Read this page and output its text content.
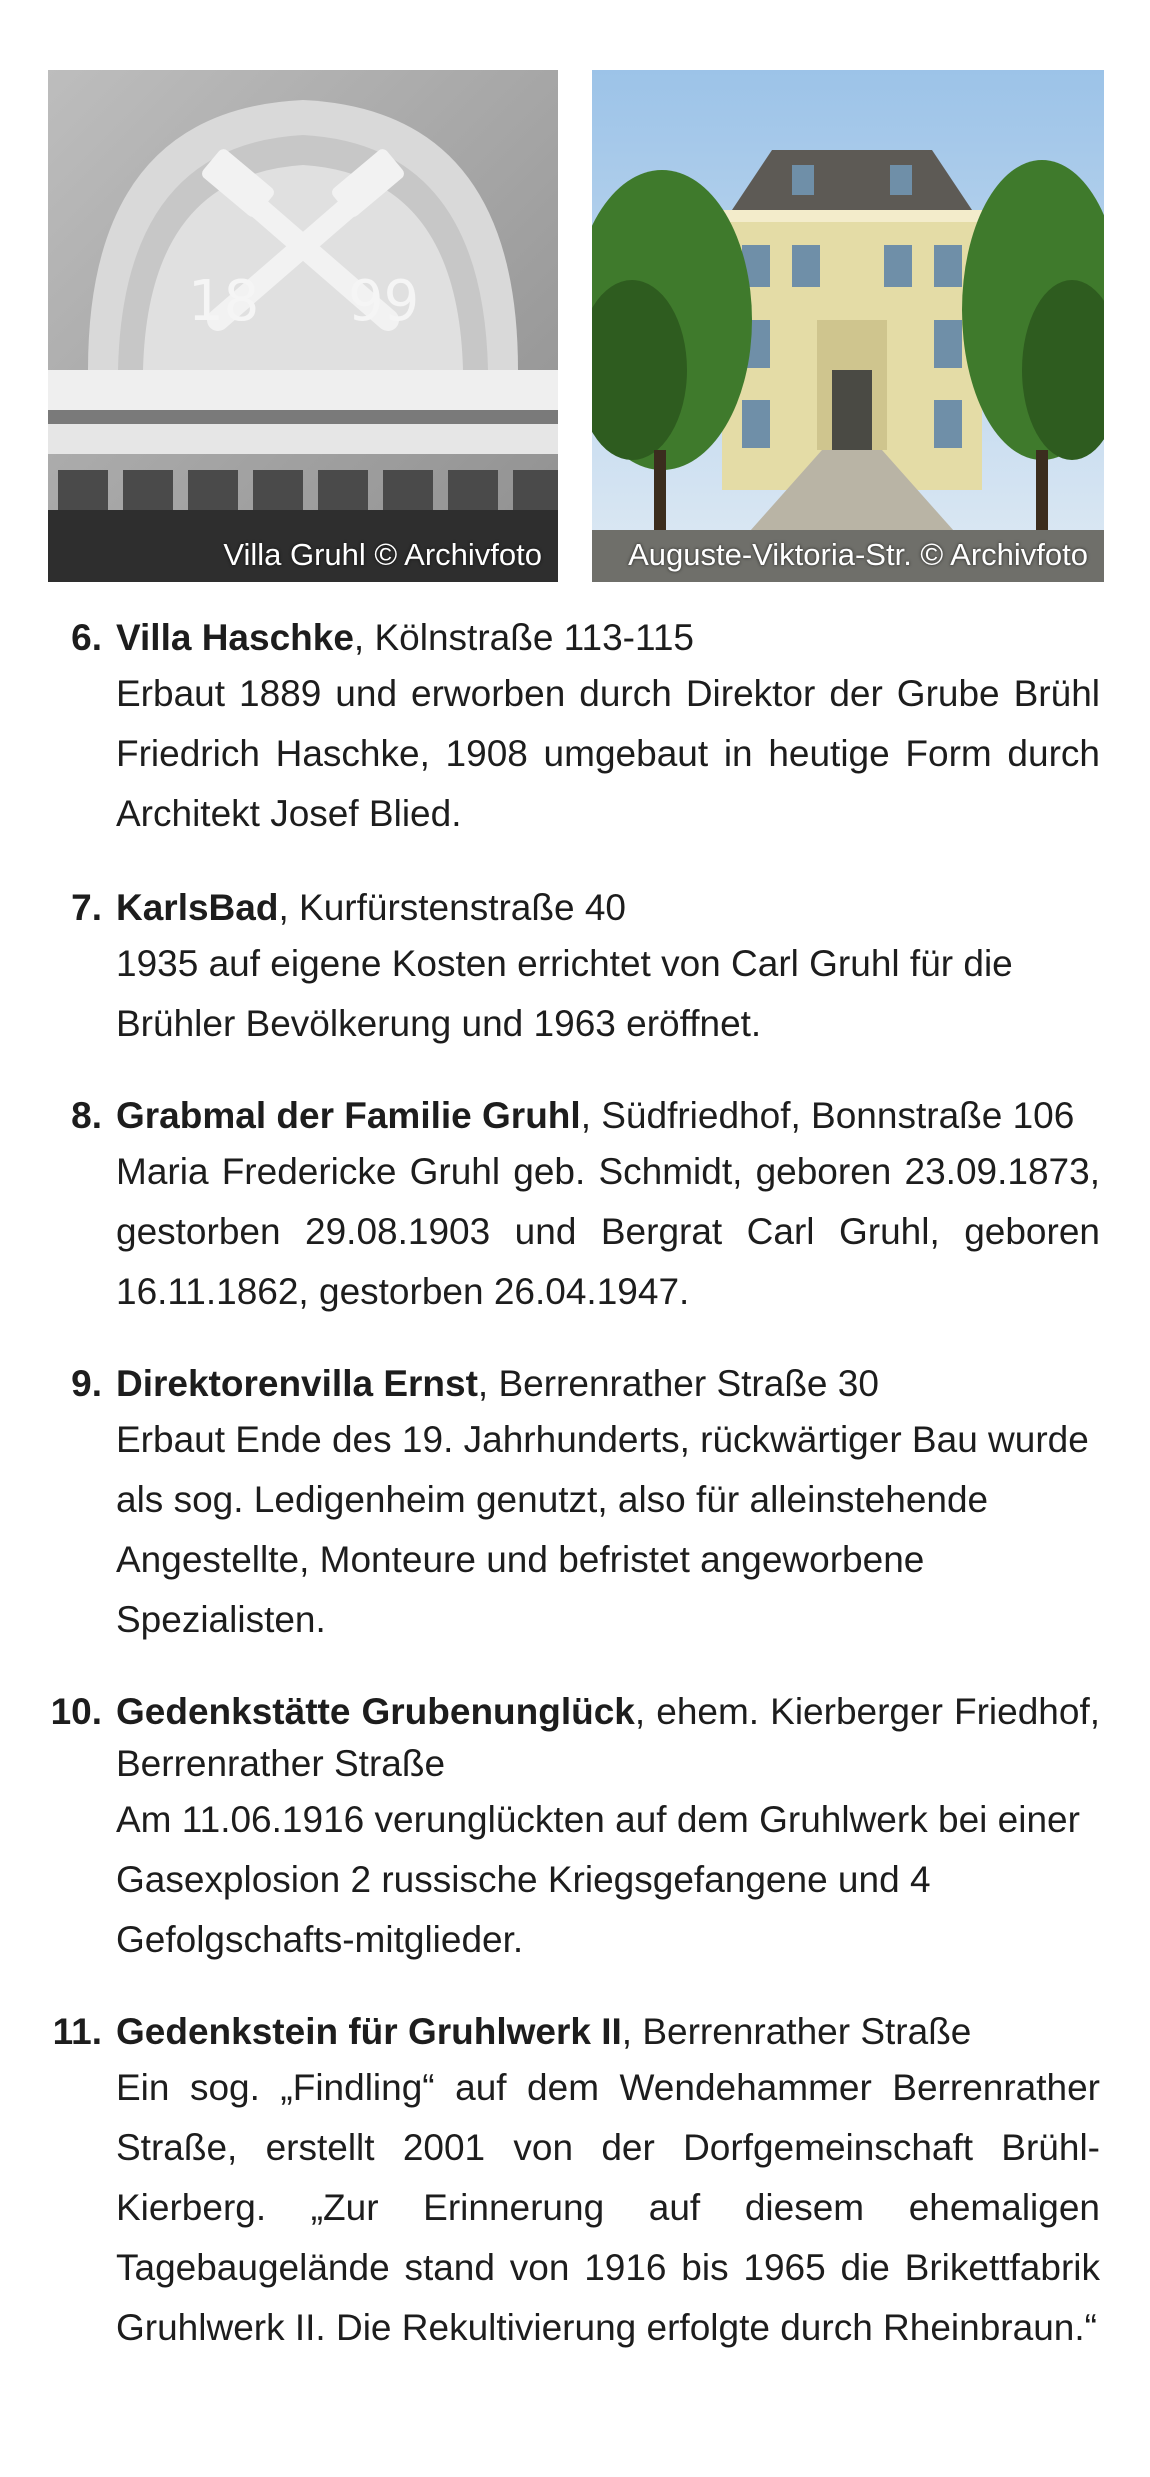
18 99
Villa Gruhl © Archivfoto	Auguste-Viktoria-Str. © Archivfoto
6. Villa Haschke, Kölnstraße 113-115
Erbaut 1889 und erworben durch Direktor der Grube Brühl Friedrich Haschke, 1908 umgebaut in heutige Form durch Architekt Josef Blied.
7. KarlsBad, Kurfürstenstraße 40
1935 auf eigene Kosten errichtet von Carl Gruhl für die Brühler Bevölkerung und 1963 eröffnet.
8. Grabmal der Familie Gruhl, Südfriedhof, Bonnstraße 106
Maria Fredericke Gruhl geb. Schmidt, geboren 23.09.1873, gestorben 29.08.1903 und Bergrat Carl Gruhl, geboren 16.11.1862, gestorben 26.04.1947.
9. Direktorenvilla Ernst, Berrenrather Straße 30
Erbaut Ende des 19. Jahrhunderts, rückwärtiger Bau wurde als sog. Ledigenheim genutzt, also für alleinstehende Angestellte, Monteure und befristet angeworbene Spezialisten.
10. Gedenkstätte Grubenunglück, ehem. Kierberger Friedhof, Berrenrather Straße
Am 11.06.1916 verunglückten auf dem Gruhlwerk bei einer Gasexplosion 2 russische Kriegsgefangene und 4 Gefolgschafts-mitglieder.
11. Gedenkstein für Gruhlwerk II, Berrenrather Straße
Ein sog. „Findling“ auf dem Wendehammer Berrenrather Straße, erstellt 2001 von der Dorfgemeinschaft Brühl-Kierberg. „Zur Erinnerung auf diesem ehemaligen Tagebaugelände stand von 1916 bis 1965 die Brikettfabrik Gruhlwerk II. Die Rekultivierung erfolgte durch Rheinbraun.“
